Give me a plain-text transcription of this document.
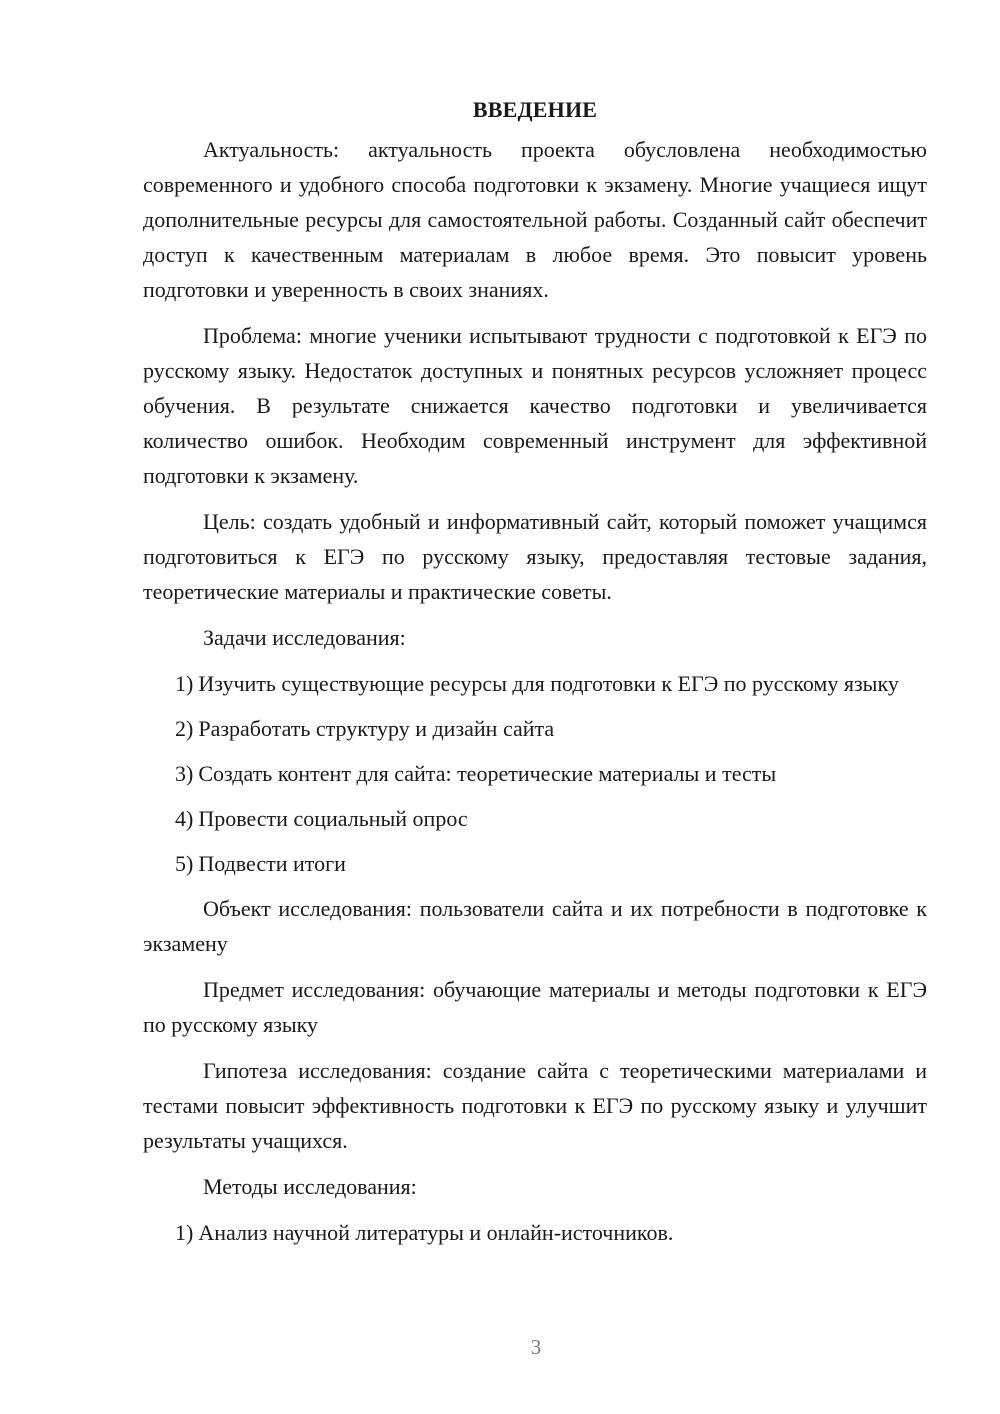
ВВЕДЕНИЕ

Актуальность: актуальность проекта обусловлена необходимостью современного и удобного способа подготовки к экзамену. Многие учащиеся ищут дополнительные ресурсы для самостоятельной работы. Созданный сайт обеспечит доступ к качественным материалам в любое время. Это повысит уровень подготовки и уверенность в своих знаниях.

Проблема: многие ученики испытывают трудности с подготовкой к ЕГЭ по русскому языку. Недостаток доступных и понятных ресурсов усложняет процесс обучения. В результате снижается качество подготовки и увеличивается количество ошибок. Необходим современный инструмент для эффективной подготовки к экзамену.

Цель: создать удобный и информативный сайт, который поможет учащимся подготовиться к ЕГЭ по русскому языку, предоставляя тестовые задания, теоретические материалы и практические советы.

Задачи исследования:

1) Изучить существующие ресурсы для подготовки к ЕГЭ по русскому языку
2) Разработать структуру и дизайн сайта
3) Создать контент для сайта: теоретические материалы и тесты
4) Провести социальный опрос
5) Подвести итоги

Объект исследования: пользователи сайта и их потребности в подготовке к экзамену

Предмет исследования: обучающие материалы и методы подготовки к ЕГЭ по русскому языку

Гипотеза исследования: создание сайта с теоретическими материалами и тестами повысит эффективность подготовки к ЕГЭ по русскому языку и улучшит результаты учащихся.

Методы исследования:

1) Анализ научной литературы и онлайн-источников.
3
